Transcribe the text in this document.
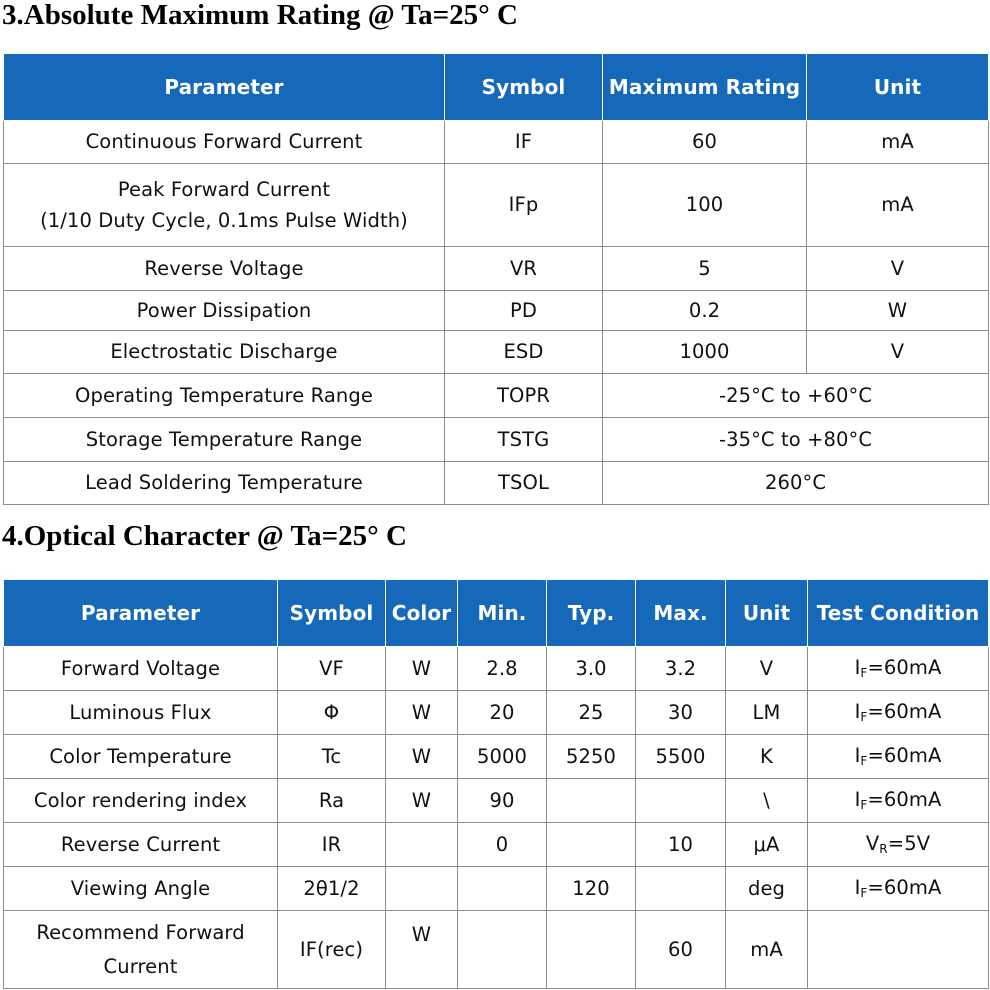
3.Absolute Maximum Rating @ Ta=25° C
Parameter	Symbol	Maximum Rating	Unit
Continuous Forward Current	IF	60	mA

Peak Forward Current
(1/10 Duty Cycle, 0.1ms Pulse Width)	IFp	100	mA
Reverse Voltage	VR	5	V
Power Dissipation	PD	0.2	W
Electrostatic Discharge	ESD	1000	V
Operating Temperature Range	TOPR	-25°C to +60°C	
Storage Temperature Range	TSTG	-35°C to +80°C	
Lead Soldering Temperature	TSOL	260°C	
4.Optical Character @ Ta=25° C
Parameter	Symbol	Color	Min.	Typ.	Max.	Unit	Test Condition
Forward Voltage	VF	W	2.8	3.0	3.2	V	$I_F=60mA$
Luminous Flux	Φ	W	20	25	30	LM	$I_F=60mA$
Color Temperature	Tc	W	5000	5250	5500	K	$I_F=60mA$
Color rendering index	Ra	W	90			\	$I_F=60mA$
Reverse Current	IR		0		10	μA	$V_R=5V$
Viewing Angle	2θ1/2			120		deg	$I_F=60mA$

Recommend Forward
Current	IF(rec)	W			60	mA	
